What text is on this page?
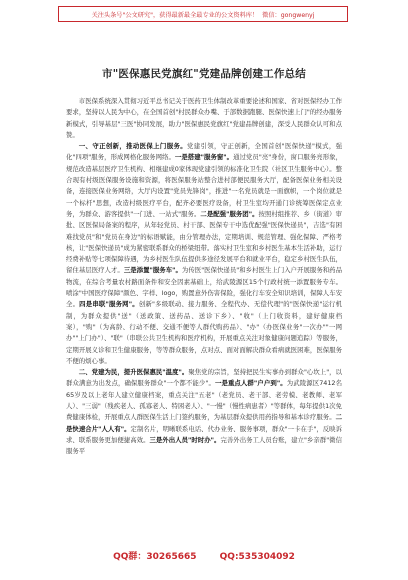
关注头条号"公文研究"，获得最新最全最专业的公文资料库！ 微信：gongwenyj
市"医保惠民党旗红"党建品牌创建工作总结

市医保系统深入贯彻习近平总书记关于医药卫生体制改革重要论述和国家、省对医保经办工作要求，坚持以人民为中心，在全国首创"村民群众办嘴、于部数据跑腿、医保快速上门"的经办服务新模式，引导基层"三医"协同发展，助力"医保惠民党旗红"党建品牌创建，深受人民群众认可和点赞。

一、守正创新，推动医保上门服务。党建引领，守正创新，全国首创"医保快递"模式，强化"四项"服务，形成网格化服务网络。一是搭建"服务窗"。通过党员"亮"身份，窗口服务亮形象，规范改造基层医疗卫生机构、相继建成0家体现党建引领的标准化卫生院（社区卫生服务中心）。整合现有村级医保服务设施和资源，将医保服务站整合进村部便民服务大厅，配备医保业务相关设备，连接医保业务网络，大厅内设置"党员先锋岗"，推进"一名党员就是一面旗帜，一个岗位就是一个标杆"思想，改造村级医疗平台，配齐必要医疗设备，村卫生室均开通门诊统筹医保定点业务，为群众、游客提供"一门进、一站式"服务。二是配强"服务团"。按照村组推荐、乡（街道）审批、区医保局备案的程序，从年轻党员、村干部、医保专干中选优配强"医保快递员"，吉选"有困难找党员"和"党员在身边"的标语赋能，由分管理办法，定期培训、规范管理、强化保障、严格考核，让"医保快递员"成为紧密联系群众的桥梁纽带。落实村卫生室和乡村医生基本生活补助，运行经费补贴等七项保障待遇，为乡村医生队伍提供多途径发展平台和就业平台，稳定乡村医生队伍，留住基层医疗人才。三是添置"服务车"。为传医"医保快递员"和乡村医生上门入户开展服务和药品物流，在综合考量农村路面条件和安全因素基础上，给武陵源区15个行政村统一添置服务专车。喷涂"中国医疗保障"颜色、字样、logo，购置意外伤害保险，强化行车安全知识培训，保障人车安全。四是串联"服务网"。创新"多级联动、接力服务、全程代办、无偿代理"的"医保快递"运行机制，为群众提供"送"（送政策、送药品、送诊下乡）、"收"（上门收资料，建好健康档案），"购"（为高龄、行动不便、交通不便等人群代购药品）、"办"（办医保业务"一次办""一网办""上门办"）、"联"（串联公共卫生机构和医疗机构，开展重点关注对象健康问题追踪）等服务，定期开展义诊和卫生健康服务，等等群众服务，点对点、面对面解决群众看病就医困难，医保服务不便的烦心事。

二、党建为民，提升医保惠民"温度"。聚焦党的宗旨，坚持把民生实事办到群众"心坎上"，以群众满意为出发点，确保服务群众"一个都不能少"。一是重点人群"户户到"。为武陵源区7412名65岁及以上老年人建立健康档案，重点关注"五老"（老党员、老干部、老劳模、老教师、老军人）、"三弱"（残疾老人、孤寡老人、特困老人）、"一慢"（慢性病患者）"等群体，每年提供1次免费健康体检，开展重点人群医保生活上门签约服务，为基层群众提供用药指导和基本诊疗服务。二是快速合片"人人有"。定制名片，明晰联系电话、代办业务、服务事项，群众"一卡在手"，反映诉求、联系服务更加便捷高效。三是外出人员"时时办"。完善外出务工人员台账，建立"乡亲群"微信服务平

QQ群：30265665	QQ:535304092
